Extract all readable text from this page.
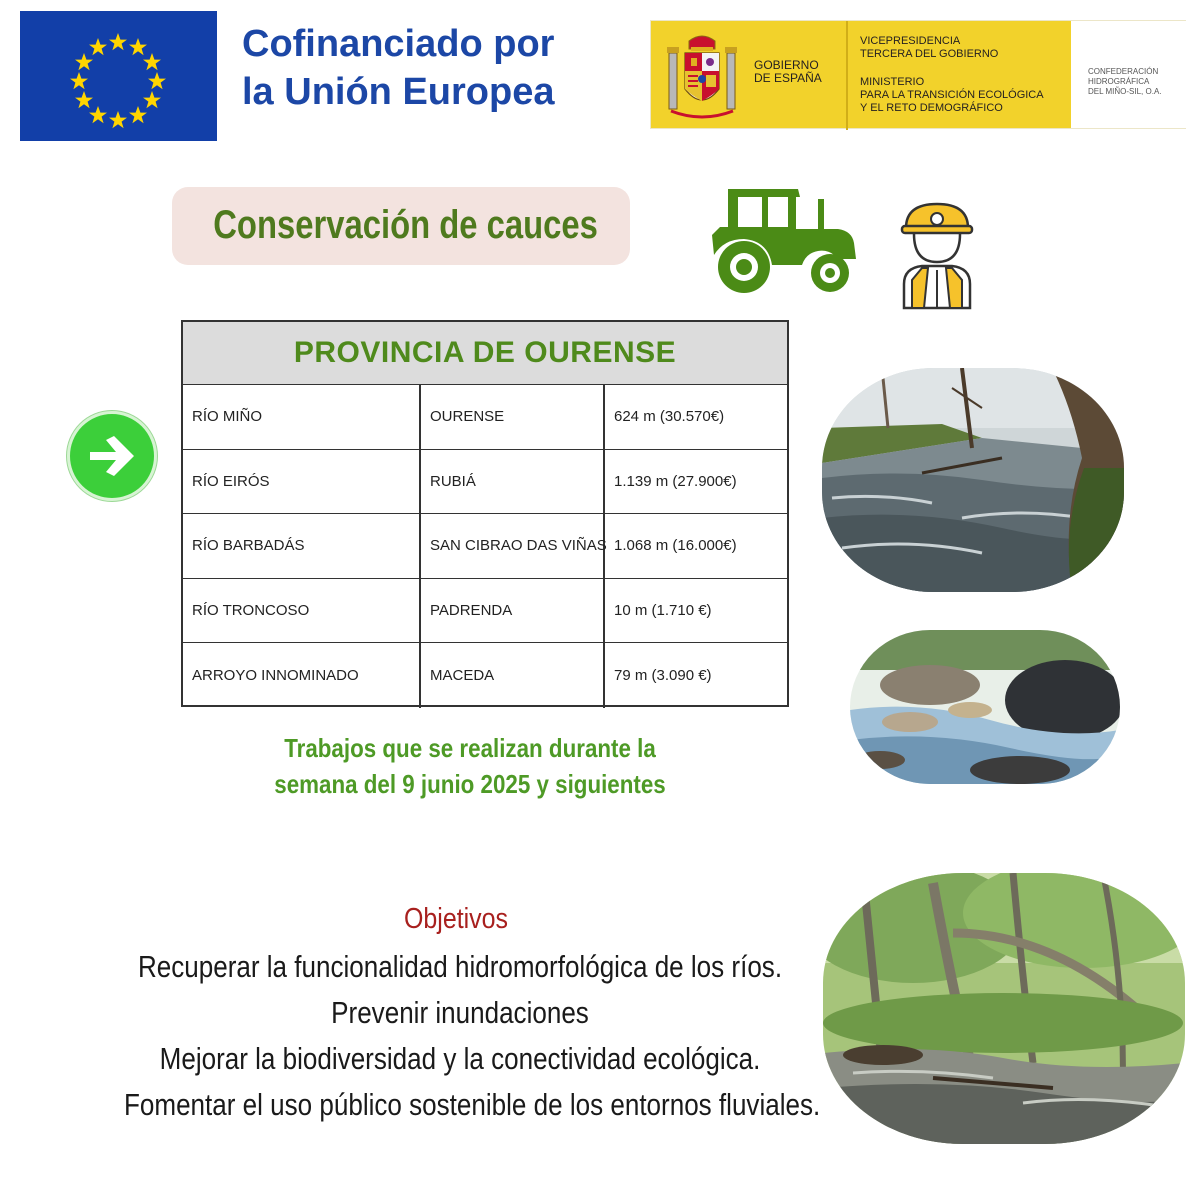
Cofinanciado por
la Unión Europea
GOBIERNO
DE ESPAÑA
VICEPRESIDENCIA
TERCERA DEL GOBIERNO
MINISTERIO
PARA LA TRANSICIÓN ECOLÓGICA
Y EL RETO DEMOGRÁFICO
CONFEDERACIÓN
HIDROGRÁFICA
DEL MIÑO-SIL, O.A.
Conservación de cauces
PROVINCIA DE OURENSE
RÍO MIÑO	OURENSE	624 m (30.570€)
RÍO EIRÓS	RUBIÁ	1.139 m (27.900€)
RÍO BARBADÁS	SAN CIBRAO DAS VIÑAS 1.068 m (16.000€)
RÍO TRONCOSO	PADRENDA	10 m (1.710 €)
ARROYO INNOMINADO	MACEDA	79 m (3.090 €)
Trabajos que se realizan durante la
semana del 9 junio 2025 y siguientes
Objetivos
Recuperar la funcionalidad hidromorfológica de los ríos.
Prevenir inundaciones
Mejorar la biodiversidad y la conectividad ecológica.
Fomentar el uso público sostenible de los entornos fluviales.
